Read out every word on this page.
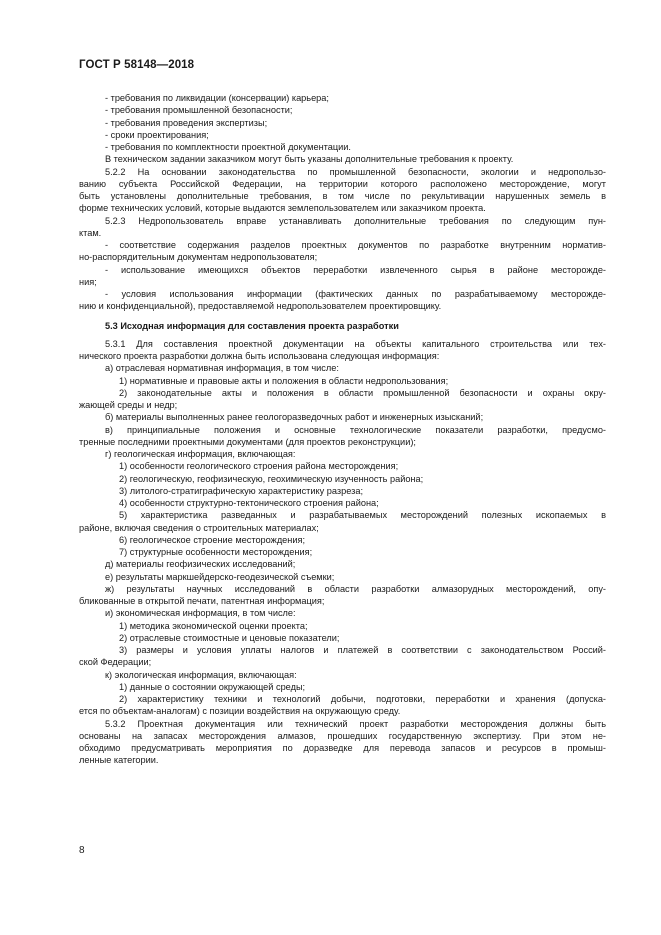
ГОСТ Р 58148—2018
- требования по ликвидации (консервации) карьера;
- требования промышленной безопасности;
- требования проведения экспертизы;
- сроки проектирования;
- требования по комплектности проектной документации.
В техническом задании заказчиком могут быть указаны дополнительные требования к проекту.
5.2.2 На основании законодательства по промышленной безопасности, экологии и недропользо-
ванию субъекта Российской Федерации, на территории которого расположено месторождение, могут
быть установлены дополнительные требования, в том числе по рекультивации нарушенных земель в
форме технических условий, которые выдаются землепользователем или заказчиком проекта.
5.2.3 Недропользователь вправе устанавливать дополнительные требования по следующим пун-
ктам.
- соответствие содержания разделов проектных документов по разработке внутренним норматив-
но-распорядительным документам недропользователя;
- использование имеющихся объектов переработки извлеченного сырья в районе месторожде-
ния;
- условия использования информации (фактических данных по разрабатываемому месторожде-
нию и конфиденциальной), предоставляемой недропользователем проектировщику.
5.3 Исходная информация для составления проекта разработки
5.3.1 Для составления проектной документации на объекты капитального строительства или тех-
нического проекта разработки должна быть использована следующая информация:
а) отраслевая нормативная информация, в том числе:
1) нормативные и правовые акты и положения в области недропользования;
2) законодательные акты и положения в области промышленной безопасности и охраны окру-
жающей среды и недр;
б) материалы выполненных ранее геологоразведочных работ и инженерных изысканий;
в) принципиальные положения и основные технологические показатели разработки, предусмо-
тренные последними проектными документами (для проектов реконструкции);
г) геологическая информация, включающая:
1) особенности геологического строения района месторождения;
2) геологическую, геофизическую, геохимическую изученность района;
3) литолого-стратиграфическую характеристику разреза;
4) особенности структурно-тектонического строения района;
5) характеристика разведанных и разрабатываемых месторождений полезных ископаемых в
районе, включая сведения о строительных материалах;
6) геологическое строение месторождения;
7) структурные особенности месторождения;
д) материалы геофизических исследований;
е) результаты маркшейдерско-геодезической съемки;
ж) результаты научных исследований в области разработки алмазорудных месторождений, опу-
бликованные в открытой печати, патентная информация;
и) экономическая информация, в том числе:
1) методика экономической оценки проекта;
2) отраслевые стоимостные и ценовые показатели;
3) размеры и условия уплаты налогов и платежей в соответствии с законодательством Россий-
ской Федерации;
к) экологическая информация, включающая:
1) данные о состоянии окружающей среды;
2) характеристику техники и технологий добычи, подготовки, переработки и хранения (допуска-
ется по объектам-аналогам) с позиции воздействия на окружающую среду.
5.3.2 Проектная документация или технический проект разработки месторождения должны быть
основаны на запасах месторождения алмазов, прошедших государственную экспертизу. При этом не-
обходимо предусматривать мероприятия по доразведке для перевода запасов и ресурсов в промыш-
ленные категории.
8
